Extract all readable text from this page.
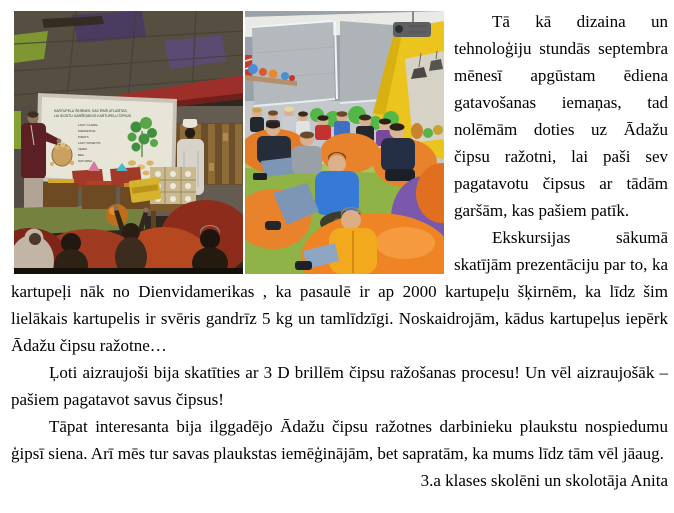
KARTUPEĻU ŠĶIRNES, KAS ĪPAŠI ATLASĪTAS,
LAI IEGŪTU GARŠĪGĀKOS KARTUPEĻU ČIPSUS
LADY CLAIRE
MARKETINA
PIRATS
LADY ROSETTA
VERDI
BEA
SATURNA

Tā kā dizaina un tehnoloģiju stundās septembra mēnesī apgūstam ēdiena gatavošanas iemaņas, tad nolēmām doties uz Ādažu čipsu ražotni, lai paši sev pagatavotu čipsus ar tādām garšām, kas pašiem patīk.

Ekskursijas sākumā skatījām prezentāciju par to, ka kartupeļi nāk no Dienvidamerikas , ka pasaulē ir ap 2000 kartupeļu šķirnēm, ka līdz šim lielākais kartupelis ir svēris gandrīz 5 kg un tamlīdzīgi. Noskaidrojām, kādus kartupeļus iepērk Ādažu čipsu ražotne…

Ļoti aizraujoši bija skatīties ar 3 D brillēm čipsu ražošanas procesu! Un vēl aizraujošāk – pašiem pagatavot savus čipsus!

Tāpat interesanta bija ilggadējo Ādažu čipsu ražotnes darbinieku plaukstu nospiedumu ģipsī siena. Arī mēs tur savas plaukstas iemēģinājām, bet sapratām, ka mums līdz tām vēl jāaug.

3.a klases skolēni un skolotāja Anita
